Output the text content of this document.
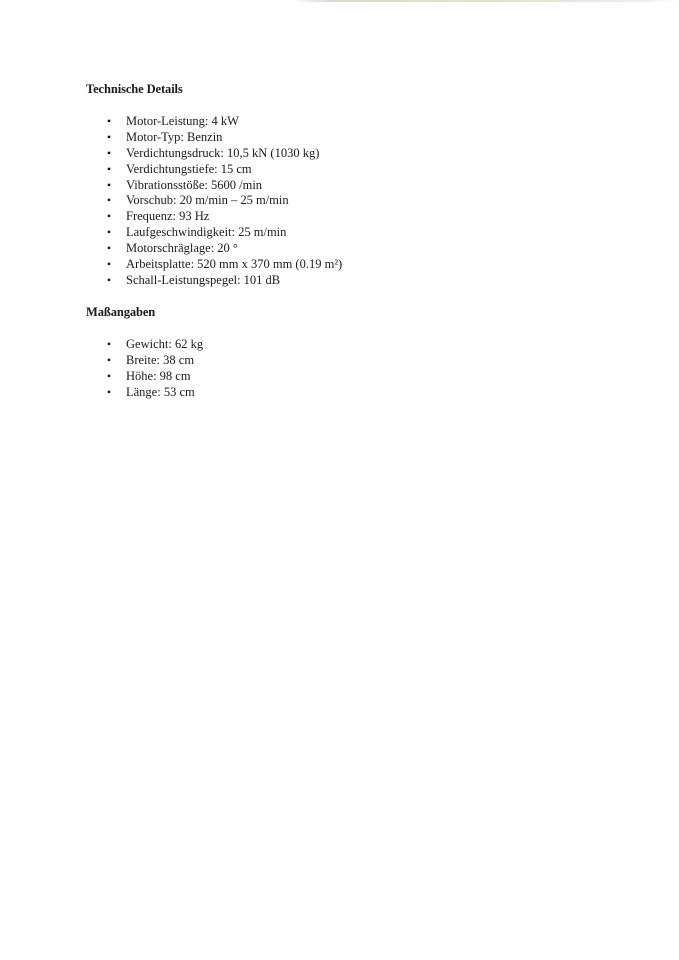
Technische Details
• Motor-Leistung: 4 kW
• Motor-Typ: Benzin
• Verdichtungsdruck: 10,5 kN (1030 kg)
• Verdichtungstiefe: 15 cm
• Vibrationsstöße: 5600 /min
• Vorschub: 20 m/min – 25 m/min
• Frequenz: 93 Hz
• Laufgeschwindigkeit: 25 m/min
• Motorschräglage: 20 °
• Arbeitsplatte: 520 mm x 370 mm (0.19 m²)
• Schall-Leistungspegel: 101 dB
Maßangaben
• Gewicht: 62 kg
• Breite: 38 cm
• Höhe: 98 cm
• Länge: 53 cm
